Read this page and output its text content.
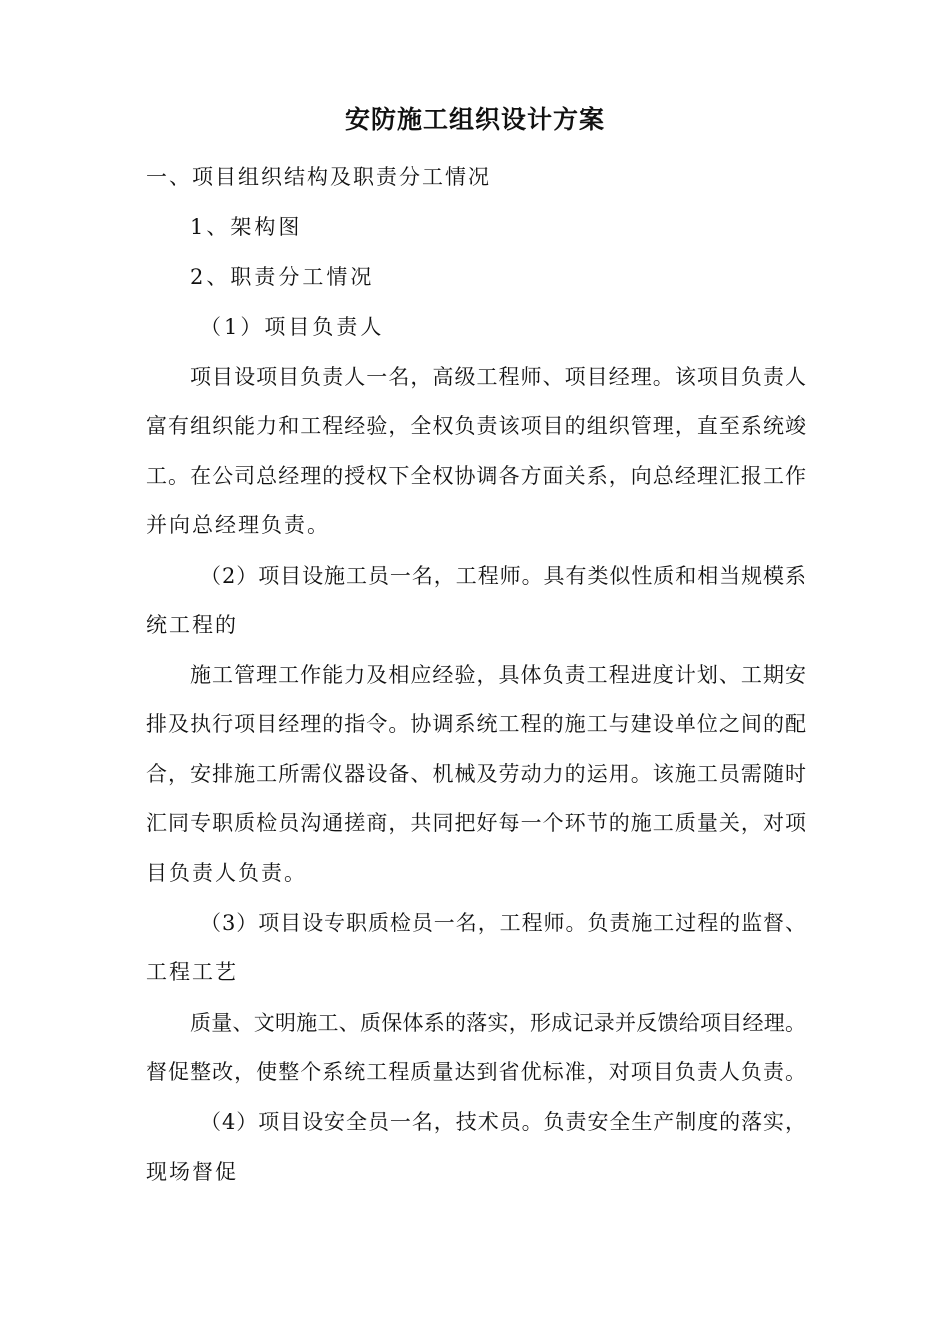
安防施工组织设计方案
一、项目组织结构及职责分工情况
1、架构图
2、职责分工情况
（1）项目负责人
项目设项目负责人一名，高级工程师、项目经理。该项目负责人
富有组织能力和工程经验，全权负责该项目的组织管理，直至系统竣
工。在公司总经理的授权下全权协调各方面关系，向总经理汇报工作
并向总经理负责。
（2）项目设施工员一名，工程师。具有类似性质和相当规模系
统工程的
施工管理工作能力及相应经验，具体负责工程进度计划、工期安
排及执行项目经理的指令。协调系统工程的施工与建设单位之间的配
合，安排施工所需仪器设备、机械及劳动力的运用。该施工员需随时
汇同专职质检员沟通搓商，共同把好每一个环节的施工质量关，对项
目负责人负责。
（3）项目设专职质检员一名，工程师。负责施工过程的监督、
工程工艺
质量、文明施工、质保体系的落实，形成记录并反馈给项目经理。
督促整改，使整个系统工程质量达到省优标准，对项目负责人负责。
（4）项目设安全员一名，技术员。负责安全生产制度的落实，
现场督促
